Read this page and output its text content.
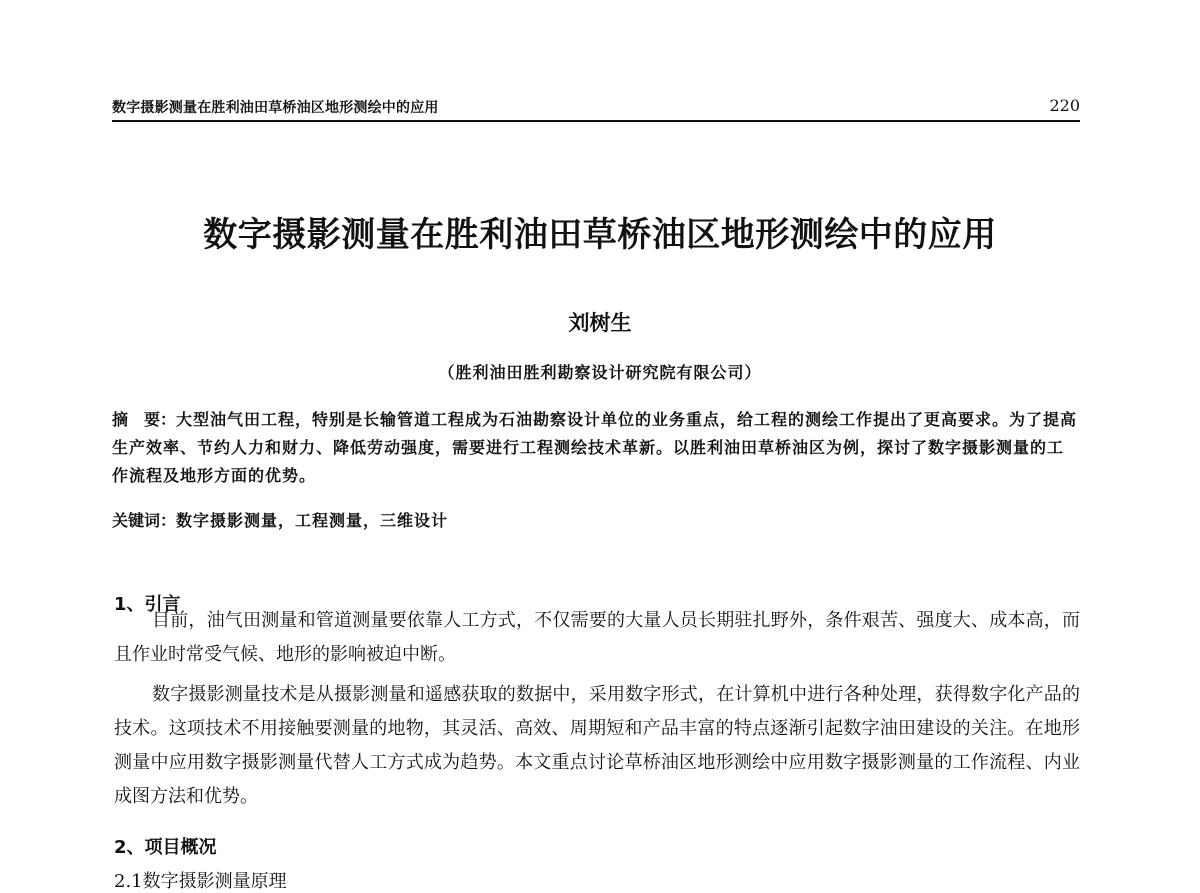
数字摄影测量在胜利油田草桥油区地形测绘中的应用	220
数字摄影测量在胜利油田草桥油区地形测绘中的应用
刘树生
（胜利油田胜利勘察设计研究院有限公司）
摘　要：大型油气田工程，特别是长输管道工程成为石油勘察设计单位的业务重点，给工程的测绘工作提出了更高要求。为了提高生产效率、节约人力和财力、降低劳动强度，需要进行工程测绘技术革新。以胜利油田草桥油区为例，探讨了数字摄影测量的工作流程及地形方面的优势。
关键词：数字摄影测量，工程测量，三维设计
1、引言

目前，油气田测量和管道测量要依靠人工方式，不仅需要的大量人员长期驻扎野外，条件艰苦、强度大、成本高，而且作业时常受气候、地形的影响被迫中断。

数字摄影测量技术是从摄影测量和遥感获取的数据中，采用数字形式，在计算机中进行各种处理，获得数字化产品的技术。这项技术不用接触要测量的地物，其灵活、高效、周期短和产品丰富的特点逐渐引起数字油田建设的关注。在地形测量中应用数字摄影测量代替人工方式成为趋势。本文重点讨论草桥油区地形测绘中应用数字摄影测量的工作流程、内业成图方法和优势。

2、项目概况
2.1数字摄影测量原理
